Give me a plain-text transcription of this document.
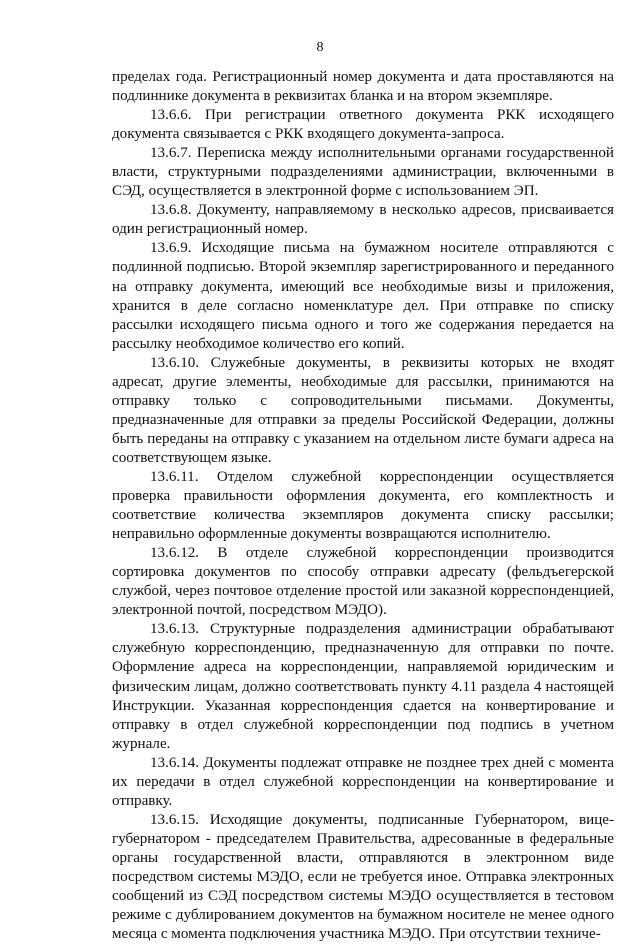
8

пределах года. Регистрационный номер документа и дата проставляются на подлиннике документа в реквизитах бланка и на втором экземпляре.

13.6.6. При регистрации ответного документа РКК исходящего документа связывается с РКК входящего документа-запроса.

13.6.7. Переписка между исполнительными органами государственной власти, структурными подразделениями администрации, включенными в СЭД, осуществляется в электронной форме с использованием ЭП.

13.6.8. Документу, направляемому в несколько адресов, присваивается один регистрационный номер.

13.6.9. Исходящие письма на бумажном носителе отправляются с подлинной подписью. Второй экземпляр зарегистрированного и переданного на отправку документа, имеющий все необходимые визы и приложения, хранится в деле согласно номенклатуре дел. При отправке по списку рассылки исходящего письма одного и того же содержания передается на рассылку необходимое количество его копий.

13.6.10. Служебные документы, в реквизиты которых не входят адресат, другие элементы, необходимые для рассылки, принимаются на отправку только с сопроводительными письмами. Документы, предназначенные для отправки за пределы Российской Федерации, должны быть переданы на отправку с указанием на отдельном листе бумаги адреса на соответствующем языке.

13.6.11. Отделом служебной корреспонденции осуществляется проверка правильности оформления документа, его комплектность и соответствие количества экземпляров документа списку рассылки; неправильно оформленные документы возвращаются исполнителю.

13.6.12. В отделе служебной корреспонденции производится сортировка документов по способу отправки адресату (фельдъегерской службой, через почтовое отделение простой или заказной корреспонденцией, электронной почтой, посредством МЭДО).

13.6.13. Структурные подразделения администрации обрабатывают служебную корреспонденцию, предназначенную для отправки по почте. Оформление адреса на корреспонденции, направляемой юридическим и физическим лицам, должно соответствовать пункту 4.11 раздела 4 настоящей Инструкции. Указанная корреспонденция сдается на конвертирование и отправку в отдел служебной корреспонденции под подпись в учетном журнале.

13.6.14. Документы подлежат отправке не позднее трех дней с момента их передачи в отдел служебной корреспонденции на конвертирование и отправку.

13.6.15. Исходящие документы, подписанные Губернатором, вице-губернатором - председателем Правительства, адресованные в федеральные органы государственной власти, отправляются в электронном виде посредством системы МЭДО, если не требуется иное. Отправка электронных сообщений из СЭД посредством системы МЭДО осуществляется в тестовом режиме с дублированием документов на бумажном носителе не менее одного месяца с момента подключения участника МЭДО. При отсутствии техниче-
